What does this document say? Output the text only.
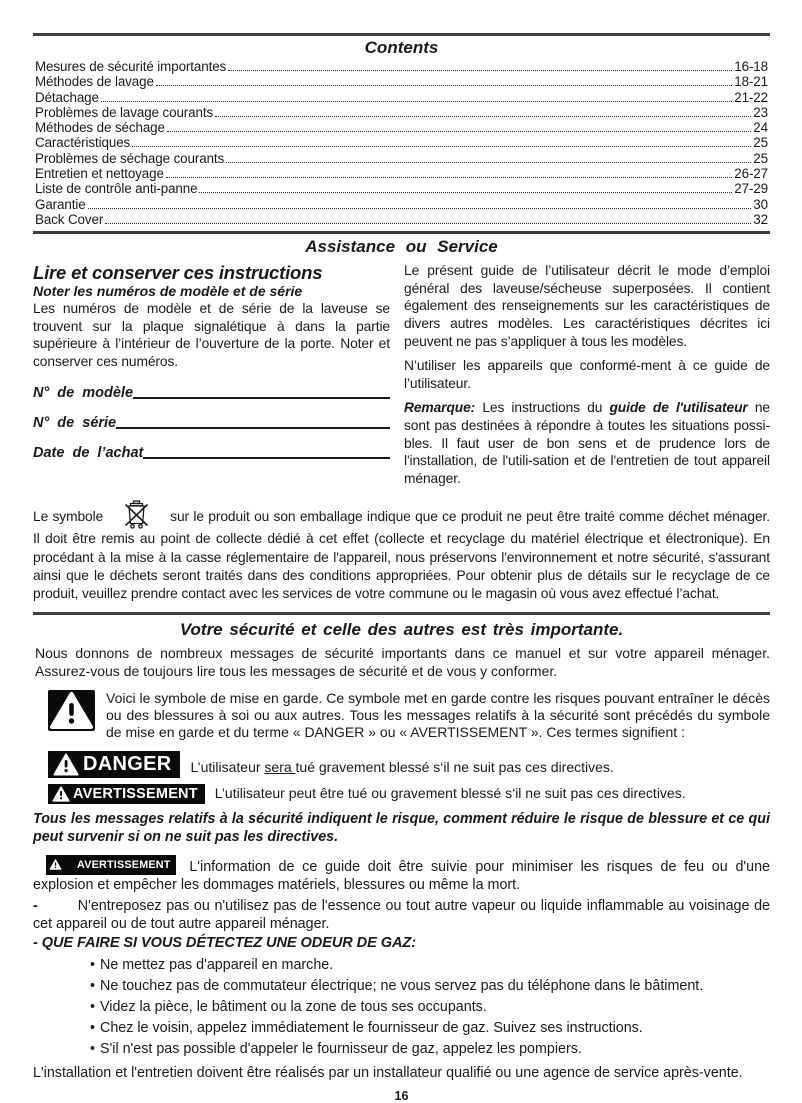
Contents
Mesures de sécurité importantes	16-18
Méthodes de lavage	18-21
Détachage	21-22
Problèmes de lavage courants	23
Méthodes de séchage	24
Caractéristiques	25
Problèmes de séchage courants	25
Entretien et nettoyage	26-27
Liste de contrôle anti-panne	27-29
Garantie	30
Back Cover	32
Assistance ou Service
Lire et conserver ces instructions
Noter les numéros de modèle et de série

Les numéros de modèle et de série de la laveuse se trouvent sur la plaque signalétique à dans la partie supérieure à l’intérieur de l’ouverture de la porte. Noter et conserver ces numéros.

N° de modèle
N° de série
Date de l’achat

Le présent guide de l’utilisateur décrit le mode d’emploi général des laveuse/sécheuse superposées. Il contient également des renseignements sur les caractéristiques de divers autres modèles. Les caractéristiques décrites ici peuvent ne pas s’appliquer à tous les modèles.

N’utiliser les appareils que conformé-ment à ce guide de l’utilisateur.

Remarque: Les instructions du guide de l'utilisateur ne sont pas destinées à répondre à toutes les situations possi-bles. Il faut user de bon sens et de prudence lors de l'installation, de l'utili-sation et de l'entretien de tout appareil ménager.

Le symbole	sur le produit ou son emballage indique que ce produit ne peut être traité comme déchet ménager. Il doit être remis au point de collecte dédié à cet effet (collecte et recyclage du matériel électrique et électronique). En procédant à la mise à la casse réglementaire de l'appareil, nous préservons l'environnement et notre sécurité, s'assurant ainsi que le déchets seront traités dans des conditions appropriées. Pour obtenir plus de détails sur le recyclage de ce produit, veuillez prendre contact avec les services de votre commune ou le magasin où vous avez effectué l’achat.

Votre sécurité et celle des autres est très importante.

Nous donnons de nombreux messages de sécurité importants dans ce manuel et sur votre appareil ménager. Assurez-vous de toujours lire tous les messages de sécurité et de vous y conformer.

Voici le symbole de mise en garde. Ce symbole met en garde contre les risques pouvant entraîner le décès ou des blessures à soi ou aux autres. Tous les messages relatifs à la sécurité sont précédés du symbole de mise en garde et du terme « DANGER » ou « AVERTISSEMENT ». Ces termes signifient :
DANGER L’utilisateur sera tué gravement blessé s‘il ne suit pas ces directives.
AVERTISSEMENT L’utilisateur peut être tué ou gravement blessé s‘il ne suit pas ces directives.

Tous les messages relatifs à la sécurité indiquent le risque, comment réduire le risque de blessure et ce qui peut survenir si on ne suit pas les directives.

AVERTISSEMENT L'information de ce guide doit être suivie pour minimiser les risques de feu ou d'une explosion et empêcher les dommages matériels, blessures ou même la mort.

-	N'entreposez pas ou n'utilisez pas de l'essence ou tout autre vapeur ou liquide inflammable au voisinage de cet appareil ou de tout autre appareil ménager.

- QUE FAIRE SI VOUS DÉTECTEZ UNE ODEUR DE GAZ:
• Ne mettez pas d'appareil en marche.
• Ne touchez pas de commutateur électrique; ne vous servez pas du téléphone dans le bâtiment.
• Videz la pièce, le bâtiment ou la zone de tous ses occupants.
• Chez le voisin, appelez immédiatement le fournisseur de gaz. Suivez ses instructions.
• S'il n'est pas possible d'appeler le fournisseur de gaz, appelez les pompiers.

L'installation et l'entretien doivent être réalisés par un installateur qualifié ou une agence de service après-vente.

16
